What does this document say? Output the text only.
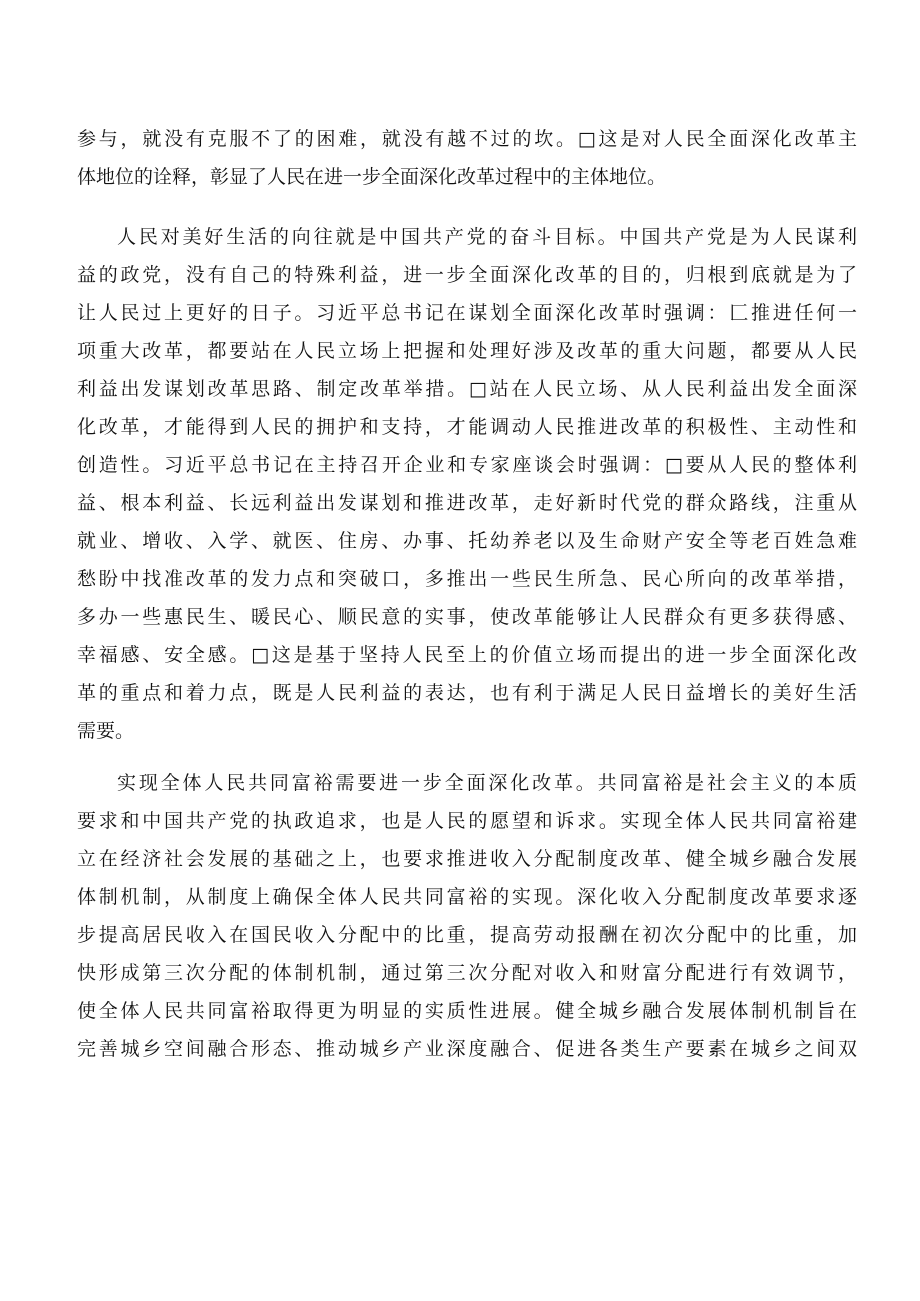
参与，就没有克服不了的困难，就没有越不过的坎。□这是对人民全面深化改革主
体地位的诠释，彰显了人民在进一步全面深化改革过程中的主体地位。
人民对美好生活的向往就是中国共产党的奋斗目标。中国共产党是为人民谋利
益的政党，没有自己的特殊利益，进一步全面深化改革的目的，归根到底就是为了
让人民过上更好的日子。习近平总书记在谋划全面深化改革时强调：匚推进任何一
项重大改革，都要站在人民立场上把握和处理好涉及改革的重大问题，都要从人民
利益出发谋划改革思路、制定改革举措。□站在人民立场、从人民利益出发全面深
化改革，才能得到人民的拥护和支持，才能调动人民推进改革的积极性、主动性和
创造性。习近平总书记在主持召开企业和专家座谈会时强调：□要从人民的整体利
益、根本利益、长远利益出发谋划和推进改革，走好新时代党的群众路线，注重从
就业、增收、入学、就医、住房、办事、托幼养老以及生命财产安全等老百姓急难
愁盼中找准改革的发力点和突破口，多推出一些民生所急、民心所向的改革举措，
多办一些惠民生、暖民心、顺民意的实事，使改革能够让人民群众有更多获得感、
幸福感、安全感。□这是基于坚持人民至上的价值立场而提出的进一步全面深化改
革的重点和着力点，既是人民利益的表达，也有利于满足人民日益增长的美好生活
需要。
实现全体人民共同富裕需要进一步全面深化改革。共同富裕是社会主义的本质
要求和中国共产党的执政追求，也是人民的愿望和诉求。实现全体人民共同富裕建
立在经济社会发展的基础之上，也要求推进收入分配制度改革、健全城乡融合发展
体制机制，从制度上确保全体人民共同富裕的实现。深化收入分配制度改革要求逐
步提高居民收入在国民收入分配中的比重，提高劳动报酬在初次分配中的比重，加
快形成第三次分配的体制机制，通过第三次分配对收入和财富分配进行有效调节，
使全体人民共同富裕取得更为明显的实质性进展。健全城乡融合发展体制机制旨在
完善城乡空间融合形态、推动城乡产业深度融合、促进各类生产要素在城乡之间双
